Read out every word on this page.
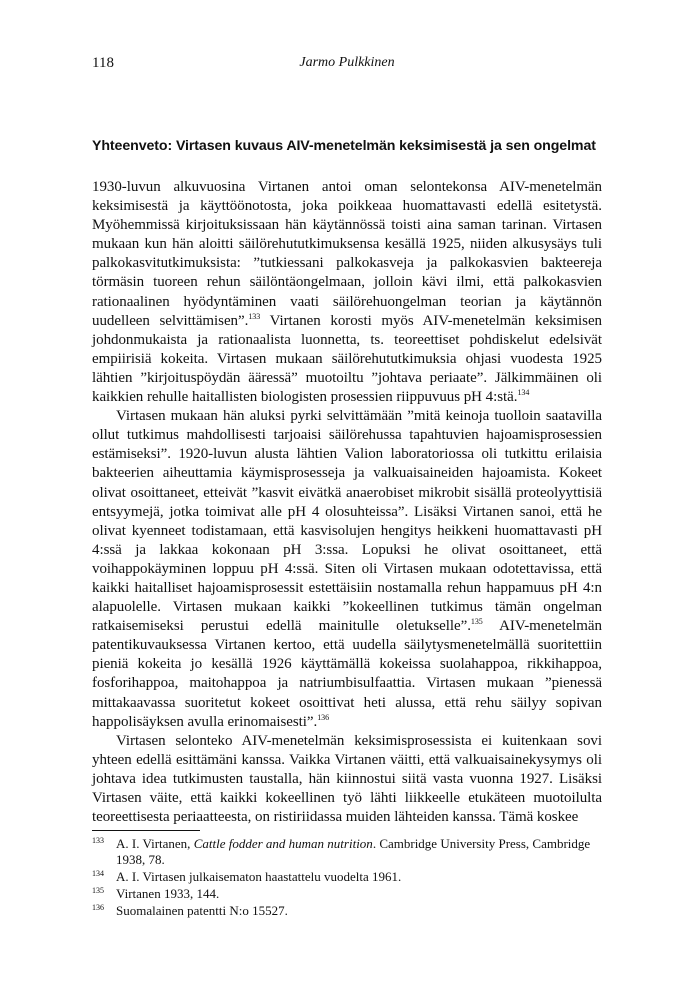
118	Jarmo Pulkkinen
Yhteenveto: Virtasen kuvaus AIV-menetelmän keksimisestä ja sen ongelmat

1930-luvun alkuvuosina Virtanen antoi oman selontekonsa AIV-menetelmän keksimisestä ja käyttöönotosta, joka poikkeaa huomattavasti edellä esitetystä. Myöhemmissä kirjoituksissaan hän käytännössä toisti aina saman tarinan. Virtasen mukaan kun hän aloitti säilörehututkimuksensa kesällä 1925, niiden alkusysäys tuli palkokasvitutkimuksista: ”tutkiessani palkokasveja ja palkokasvien bakteereja törmäsin tuoreen rehun säilöntäongelmaan, jolloin kävi ilmi, että palkokasvien rationaalinen hyödyntäminen vaati säilörehuongelman teorian ja käytännön uudelleen selvittämisen”.$^{133}$ Virtanen korosti myös AIV-menetelmän keksimisen johdonmukaista ja rationaalista luonnetta, ts. teoreettiset pohdiskelut edelsivät empiirisiä kokeita. Virtasen mukaan säilörehututkimuksia ohjasi vuodesta 1925 lähtien ”kirjoituspöydän ääressä” muotoiltu ”johtava periaate”. Jälkimmäinen oli kaikkien rehulle haitallisten biologisten prosessien riippuvuus pH 4:stä.$^{134}$

Virtasen mukaan hän aluksi pyrki selvittämään ”mitä keinoja tuolloin saatavilla ollut tutkimus mahdollisesti tarjoaisi säilörehussa tapahtuvien hajoamisprosessien estämiseksi”. 1920-luvun alusta lähtien Valion laboratoriossa oli tutkittu erilaisia bakteerien aiheuttamia käymisprosesseja ja valkuaisaineiden hajoamista. Kokeet olivat osoittaneet, etteivät ”kasvit eivätkä anaerobiset mikrobit sisällä proteolyyttisiä entsyymejä, jotka toimivat alle pH 4 olosuhteissa”. Lisäksi Virtanen sanoi, että he olivat kyenneet todistamaan, että kasvisolujen hengitys heikkeni huomattavasti pH 4:ssä ja lakkaa kokonaan pH 3:ssa. Lopuksi he olivat osoittaneet, että voihappokäyminen loppuu pH 4:ssä. Siten oli Virtasen mukaan odotettavissa, että kaikki haitalliset hajoamisprosessit estettäisiin nostamalla rehun happamuus pH 4:n alapuolelle. Virtasen mukaan kaikki ”kokeellinen tutkimus tämän ongelman ratkaisemiseksi perustui edellä mainitulle oletukselle”.$^{135}$ AIV-menetelmän patentikuvauksessa Virtanen kertoo, että uudella säilytysmenetelmällä suoritettiin pieniä kokeita jo kesällä 1926 käyttämällä kokeissa suolahappoa, rikkihappoa, fosforihappoa, maitohappoa ja natriumbisulfaattia. Virtasen mukaan ”pienessä mittakaavassa suoritetut kokeet osoittivat heti alussa, että rehu säilyy sopivan happolisäyksen avulla erinomaisesti”.$^{136}$

Virtasen selonteko AIV-menetelmän keksimisprosessista ei kuitenkaan sovi yhteen edellä esittämäni kanssa. Vaikka Virtanen väitti, että valkuaisainekysymys oli johtava idea tutkimusten taustalla, hän kiinnostui siitä vasta vuonna 1927. Lisäksi Virtasen väite, että kaikki kokeellinen työ lähti liikkeelle etukäteen muotoilulta teoreettisesta periaatteesta, on ristiriidassa muiden lähteiden kanssa. Tämä koskee

133 A. I. Virtanen, Cattle fodder and human nutrition. Cambridge University Press, Cambridge 1938, 78.
134 A. I. Virtasen julkaisematon haastattelu vuodelta 1961.
135 Virtanen 1933, 144.
136 Suomalainen patentti N:o 15527.
